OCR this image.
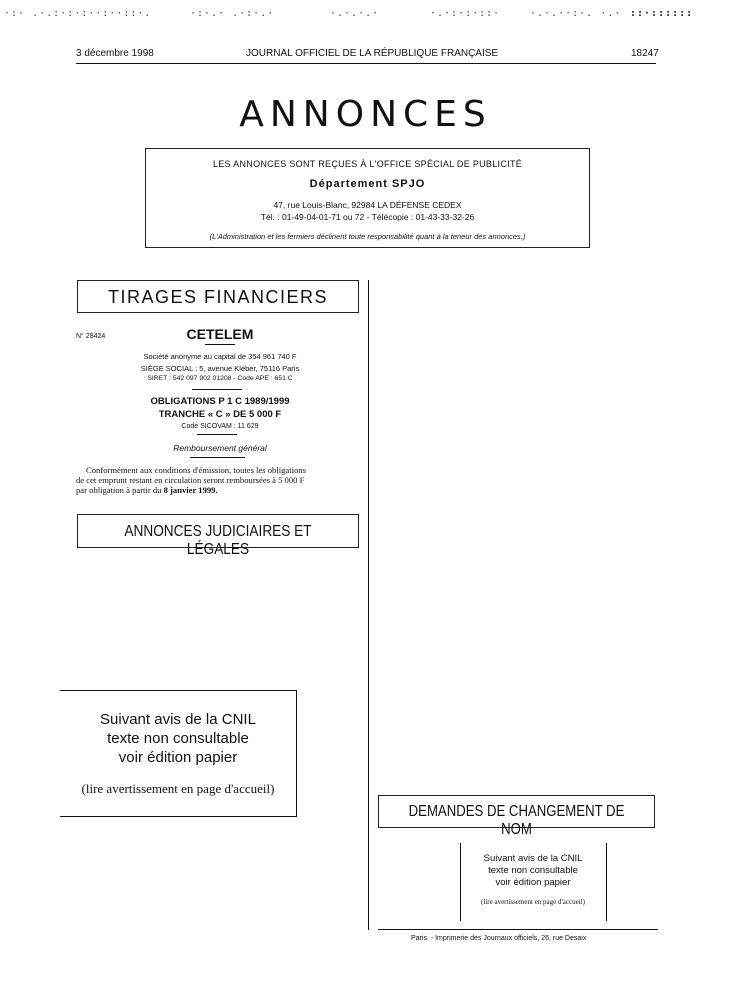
·:· .·.:·:·:··:··::·.	·:·.· .·:·.·	·.·.·.·	·.·:·:·::·	·.·.··:·. ·.· ::·::::::
3 décembre 1998	JOURNAL OFFICIEL DE LA RÉPUBLIQUE FRANÇAISE	18247
ANNONCES
LES ANNONCES SONT REÇUES À L'OFFICE SPÉCIAL DE PUBLICITÉ
Département SPJO
47, rue Louis-Blanc, 92984 LA DÉFENSE CEDEX
Tél. : 01-49-04-01-71 ou 72 - Télécopie : 01-43-33-32-26
(L'Administration et les fermiers déclinent toute responsabilité quant à la teneur des annonces.)
TIRAGES FINANCIERS
N° 28424	CETELEM
Société anonyme au capital de 354 961 740 F
SIÈGE SOCIAL : 5, avenue Kléber, 75116 Paris
SIRET : 542 097 902 01208 - Code APE : 651 C
OBLIGATIONS P 1 C 1989/1999
TRANCHE « C » DE 5 000 F
Code SICOVAM : 11 629
Remboursement général
Conformément aux conditions d'émission, toutes les obligations
de cet emprunt restant en circulation seront remboursées à 5 000 F
par obligation à partir du 8 janvier 1999.
ANNONCES JUDICIAIRES ET LÉGALES
Suivant avis de la CNIL
texte non consultable
voir édition papier
(lire avertissement en page d'accueil)
DEMANDES DE CHANGEMENT DE NOM
Suivant avis de la CNIL
texte non consultable
voir édition papier
(lire avertissement en page d'accueil)
Paris. - Imprimerie des Journaux officiels, 26, rue Desaix
